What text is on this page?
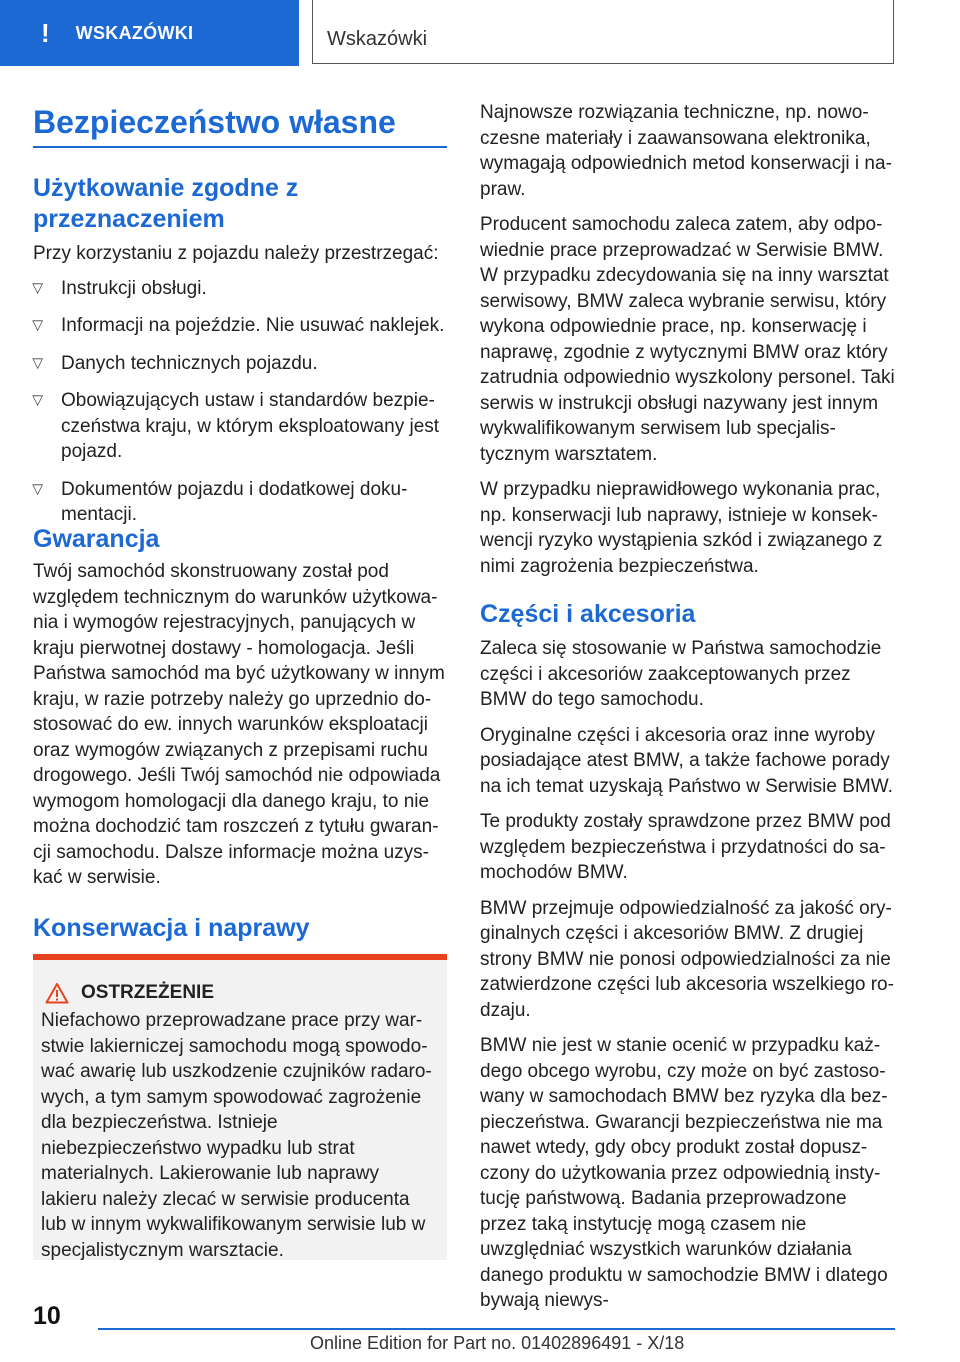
! WSKAZÓWKI	Wskazówki
Bezpieczeństwo własne
Użytkowanie zgodne z przeznaczeniem

Przy korzystaniu z pojazdu należy przestrzegać:

▷ Instrukcji obsługi.
▷ Informacji na pojeździe. Nie usuwać naklejek.
▷ Danych technicznych pojazdu.
▷ Obowiązujących ustaw i standardów bezpieczeństwa kraju, w którym eksploatowany jest pojazd.
▷ Dokumentów pojazdu i dodatkowej dokumentacji.
Gwarancja

Twój samochód skonstruowany został pod względem technicznym do warunków użytkowania i wymogów rejestracyjnych, panujących w kraju pierwotnej dostawy - homologacja. Jeśli Państwa samochód ma być użytkowany w innym kraju, w razie potrzeby należy go uprzednio dostosować do ew. innych warunków eksploatacji oraz wymogów związanych z przepisami ruchu drogowego. Jeśli Twój samochód nie odpowiada wymogom homologacji dla danego kraju, to nie można dochodzić tam roszczeń z tytułu gwarancji samochodu. Dalsze informacje można uzyskać w serwisie.

Konserwacja i naprawy
OSTRZEŻENIE

Niefachowo przeprowadzane prace przy warstwie lakierniczej samochodu mogą spowodować awarię lub uszkodzenie czujników radarowych, a tym samym spowodować zagrożenie dla bezpieczeństwa. Istnieje niebezpieczeństwo wypadku lub strat materialnych. Lakierowanie lub naprawy lakieru należy zlecać w serwisie producenta lub w innym wykwalifikowanym serwisie lub w specjalistycznym warsztacie.

Najnowsze rozwiązania techniczne, np. nowoczesne materiały i zaawansowana elektronika, wymagają odpowiednich metod konserwacji i napraw.

Producent samochodu zaleca zatem, aby odpowiednie prace przeprowadzać w Serwisie BMW. W przypadku zdecydowania się na inny warsztat serwisowy, BMW zaleca wybranie serwisu, który wykona odpowiednie prace, np. konserwację i naprawę, zgodnie z wytycznymi BMW oraz który zatrudnia odpowiednio wyszkolony personel. Taki serwis w instrukcji obsługi nazywany jest innym wykwalifikowanym serwisem lub specjalistycznym warsztatem.

W przypadku nieprawidłowego wykonania prac, np. konserwacji lub naprawy, istnieje w konsekwencji ryzyko wystąpienia szkód i związanego z nimi zagrożenia bezpieczeństwa.

Części i akcesoria

Zaleca się stosowanie w Państwa samochodzie części i akcesoriów zaakceptowanych przez BMW do tego samochodu.

Oryginalne części i akcesoria oraz inne wyroby posiadające atest BMW, a także fachowe porady na ich temat uzyskają Państwo w Serwisie BMW.

Te produkty zostały sprawdzone przez BMW pod względem bezpieczeństwa i przydatności do samochodów BMW.

BMW przejmuje odpowiedzialność za jakość oryginalnych części i akcesoriów BMW. Z drugiej strony BMW nie ponosi odpowiedzialności za nie zatwierdzone części lub akcesoria wszelkiego rodzaju.

BMW nie jest w stanie ocenić w przypadku każdego obcego wyrobu, czy może on być zastosowany w samochodach BMW bez ryzyka dla bezpieczeństwa. Gwarancji bezpieczeństwa nie ma nawet wtedy, gdy obcy produkt został dopuszczony do użytkowania przez odpowiednią instytucję państwową. Badania przeprowadzone przez taką instytucję mogą czasem nie uwzględniać wszystkich warunków działania danego produktu w samochodzie BMW i dlatego bywają niewys-

10
Online Edition for Part no. 01402896491 - X/18
